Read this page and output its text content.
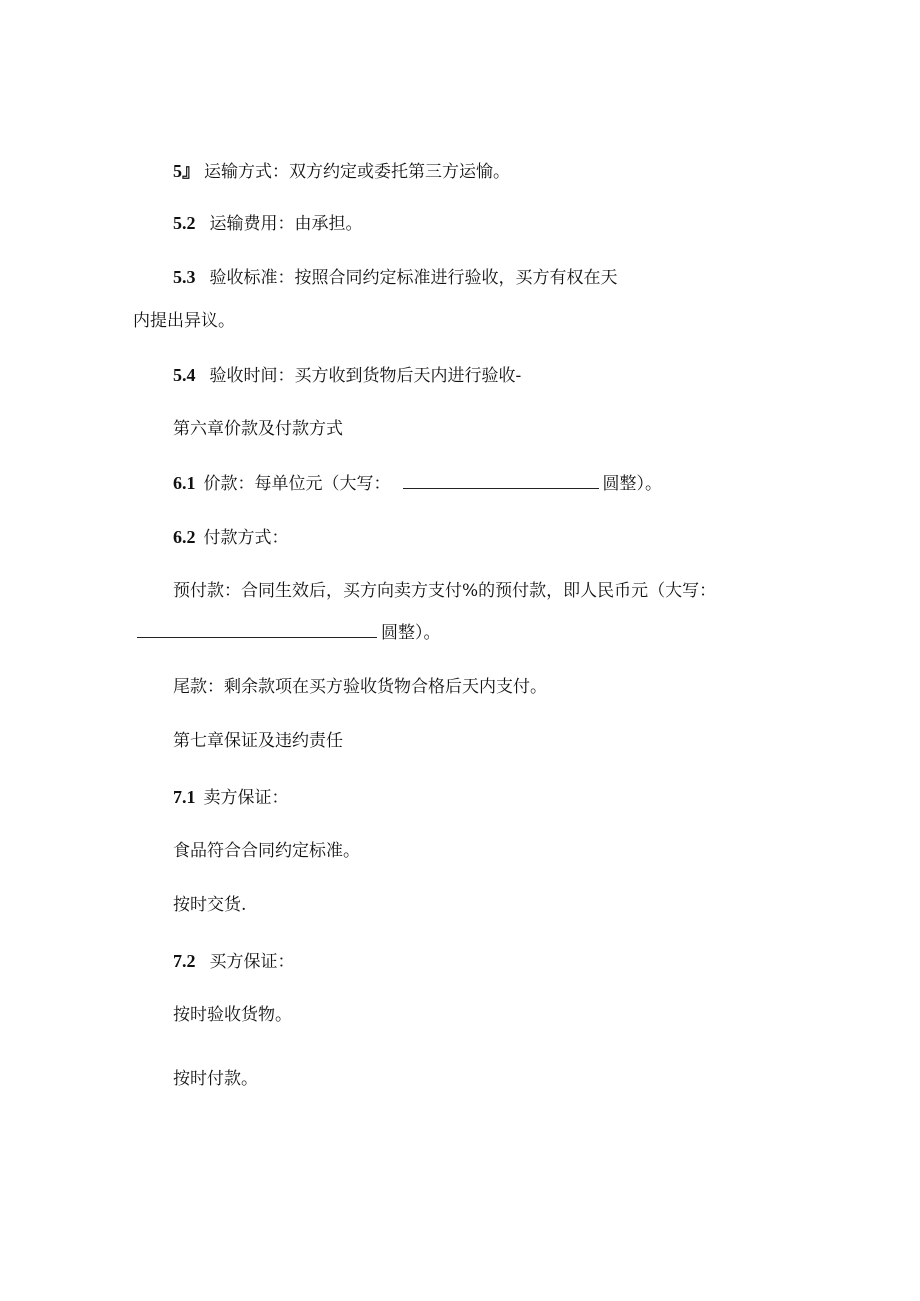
5』 运输方式：双方约定或委托第三方运愉。
5.2 运输费用：由承担。
5.3 验收标准：按照合同约定标准进行验收，买方有权在天
内提出异议。
5.4 验收时间：买方收到货物后天内进行验收-
第六章价款及付款方式
6.1 价款：每单位元（大写：	圆整）。
6.2 付款方式：
预付款：合同生效后，买方向卖方支付%的预付款，即人民币元（大写：
圆整）。
尾款：剩余款项在买方验收货物合格后天内支付。
第七章保证及违约责任
7.1 卖方保证：
食品符合合同约定标准。
按时交货.
7.2 买方保证：
按时验收货物。
按时付款。
